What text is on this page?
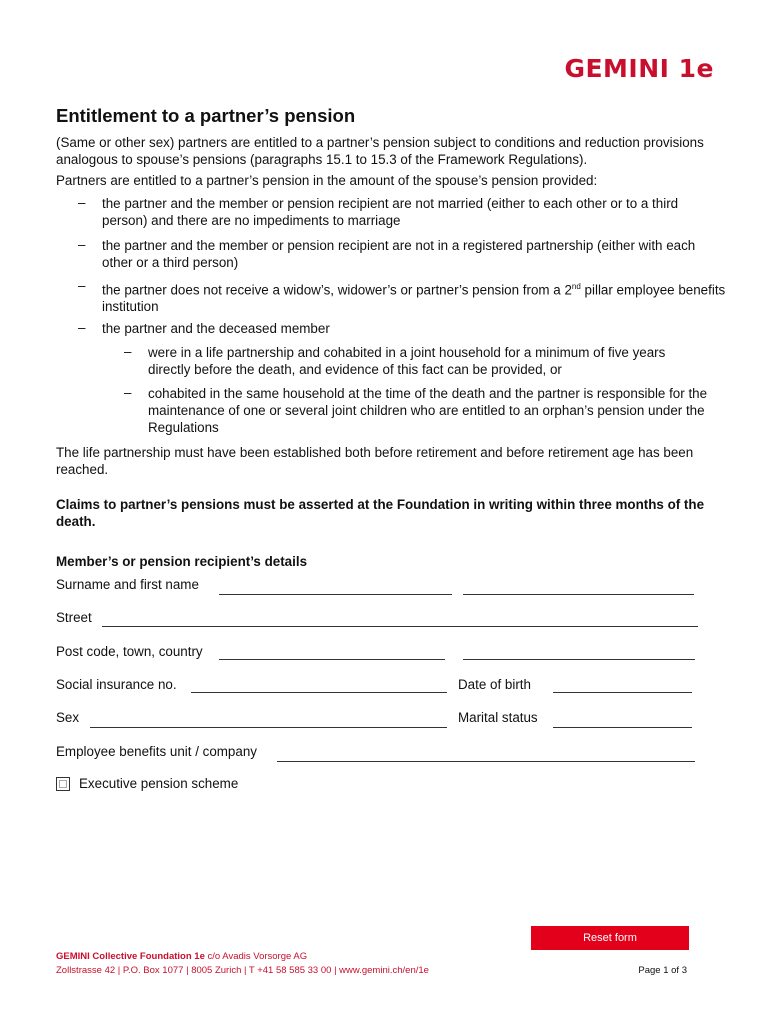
GEMINI 1e
Entitlement to a partner’s pension
(Same or other sex) partners are entitled to a partner’s pension subject to conditions and reduction provisions analogous to spouse’s pensions (paragraphs 15.1 to 15.3 of the Framework Regulations).
Partners are entitled to a partner’s pension in the amount of the spouse’s pension provided:
– the partner and the member or pension recipient are not married (either to each other or to a third person) and there are no impediments to marriage
– the partner and the member or pension recipient are not in a registered partnership (either with each other or a third person)
– the partner does not receive a widow’s, widower’s or partner’s pension from a 2nd pillar employee benefits institution
– the partner and the deceased member
– were in a life partnership and cohabited in a joint household for a minimum of five years directly before the death, and evidence of this fact can be provided, or
– cohabited in the same household at the time of the death and the partner is responsible for the maintenance of one or several joint children who are entitled to an orphan’s pension under the Regulations
The life partnership must have been established both before retirement and before retirement age has been reached.
Claims to partner’s pensions must be asserted at the Foundation in writing within three months of the death.
Member’s or pension recipient’s details
Surname and first name
Street
Post code, town, country
Social insurance no.	Date of birth
Sex	Marital status
Employee benefits unit / company
Executive pension scheme
Reset form
GEMINI Collective Foundation 1e c/o Avadis Vorsorge AG
Zollstrasse 42 | P.O. Box 1077 | 8005 Zurich | T +41 58 585 33 00 | www.gemini.ch/en/1e	Page 1 of 3
